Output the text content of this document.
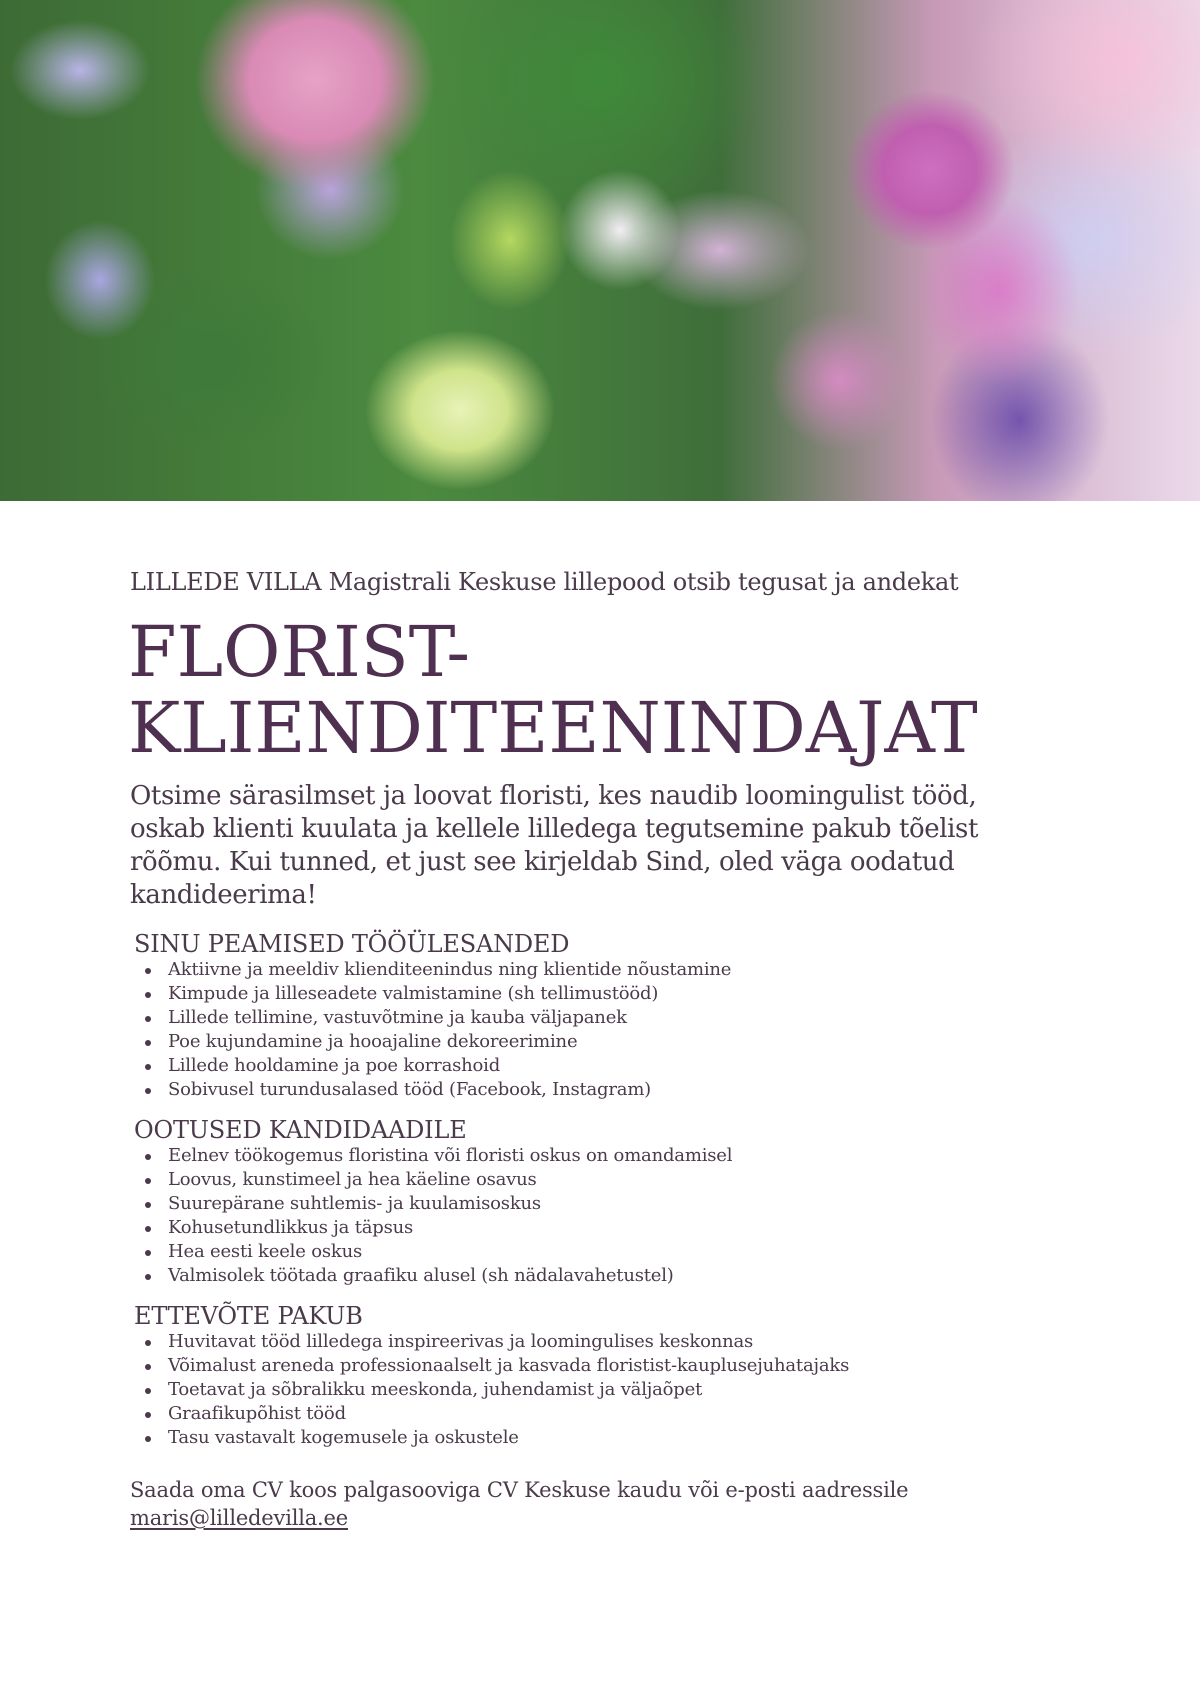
LILLEDE VILLA Magistrali Keskuse lillepood otsib tegusat ja andekat

FLORIST-
KLIENDITEENINDAJAT

Otsime särasilmset ja loovat floristi, kes naudib loomingulist tööd, oskab klienti kuulata ja kellele lilledega tegutsemine pakub tõelist rõõmu. Kui tunned, et just see kirjeldab Sind, oled väga oodatud kandideerima!

SINU PEAMISED TÖÖÜLESANDED
Aktiivne ja meeldiv klienditeenindus ning klientide nõustamine
Kimpude ja lilleseadete valmistamine (sh tellimustööd)
Lillede tellimine, vastuvõtmine ja kauba väljapanek
Poe kujundamine ja hooajaline dekoreerimine
Lillede hooldamine ja poe korrashoid
Sobivusel turundusalased tööd (Facebook, Instagram)
OOTUSED KANDIDAADILE
Eelnev töökogemus floristina või floristi oskus on omandamisel
Loovus, kunstimeel ja hea käeline osavus
Suurepärane suhtlemis- ja kuulamisoskus
Kohusetundlikkus ja täpsus
Hea eesti keele oskus
Valmisolek töötada graafiku alusel (sh nädalavahetustel)
ETTEVÕTE PAKUB
Huvitavat tööd lilledega inspireerivas ja loomingulises keskonnas
Võimalust areneda professionaalselt ja kasvada floristist-kauplusejuhatajaks
Toetavat ja sõbralikku meeskonda, juhendamist ja väljaõpet
Graafikupõhist tööd
Tasu vastavalt kogemusele ja oskustele
Saada oma CV koos palgasooviga CV Keskuse kaudu või e-posti aadressile
maris@lilledevilla.ee
